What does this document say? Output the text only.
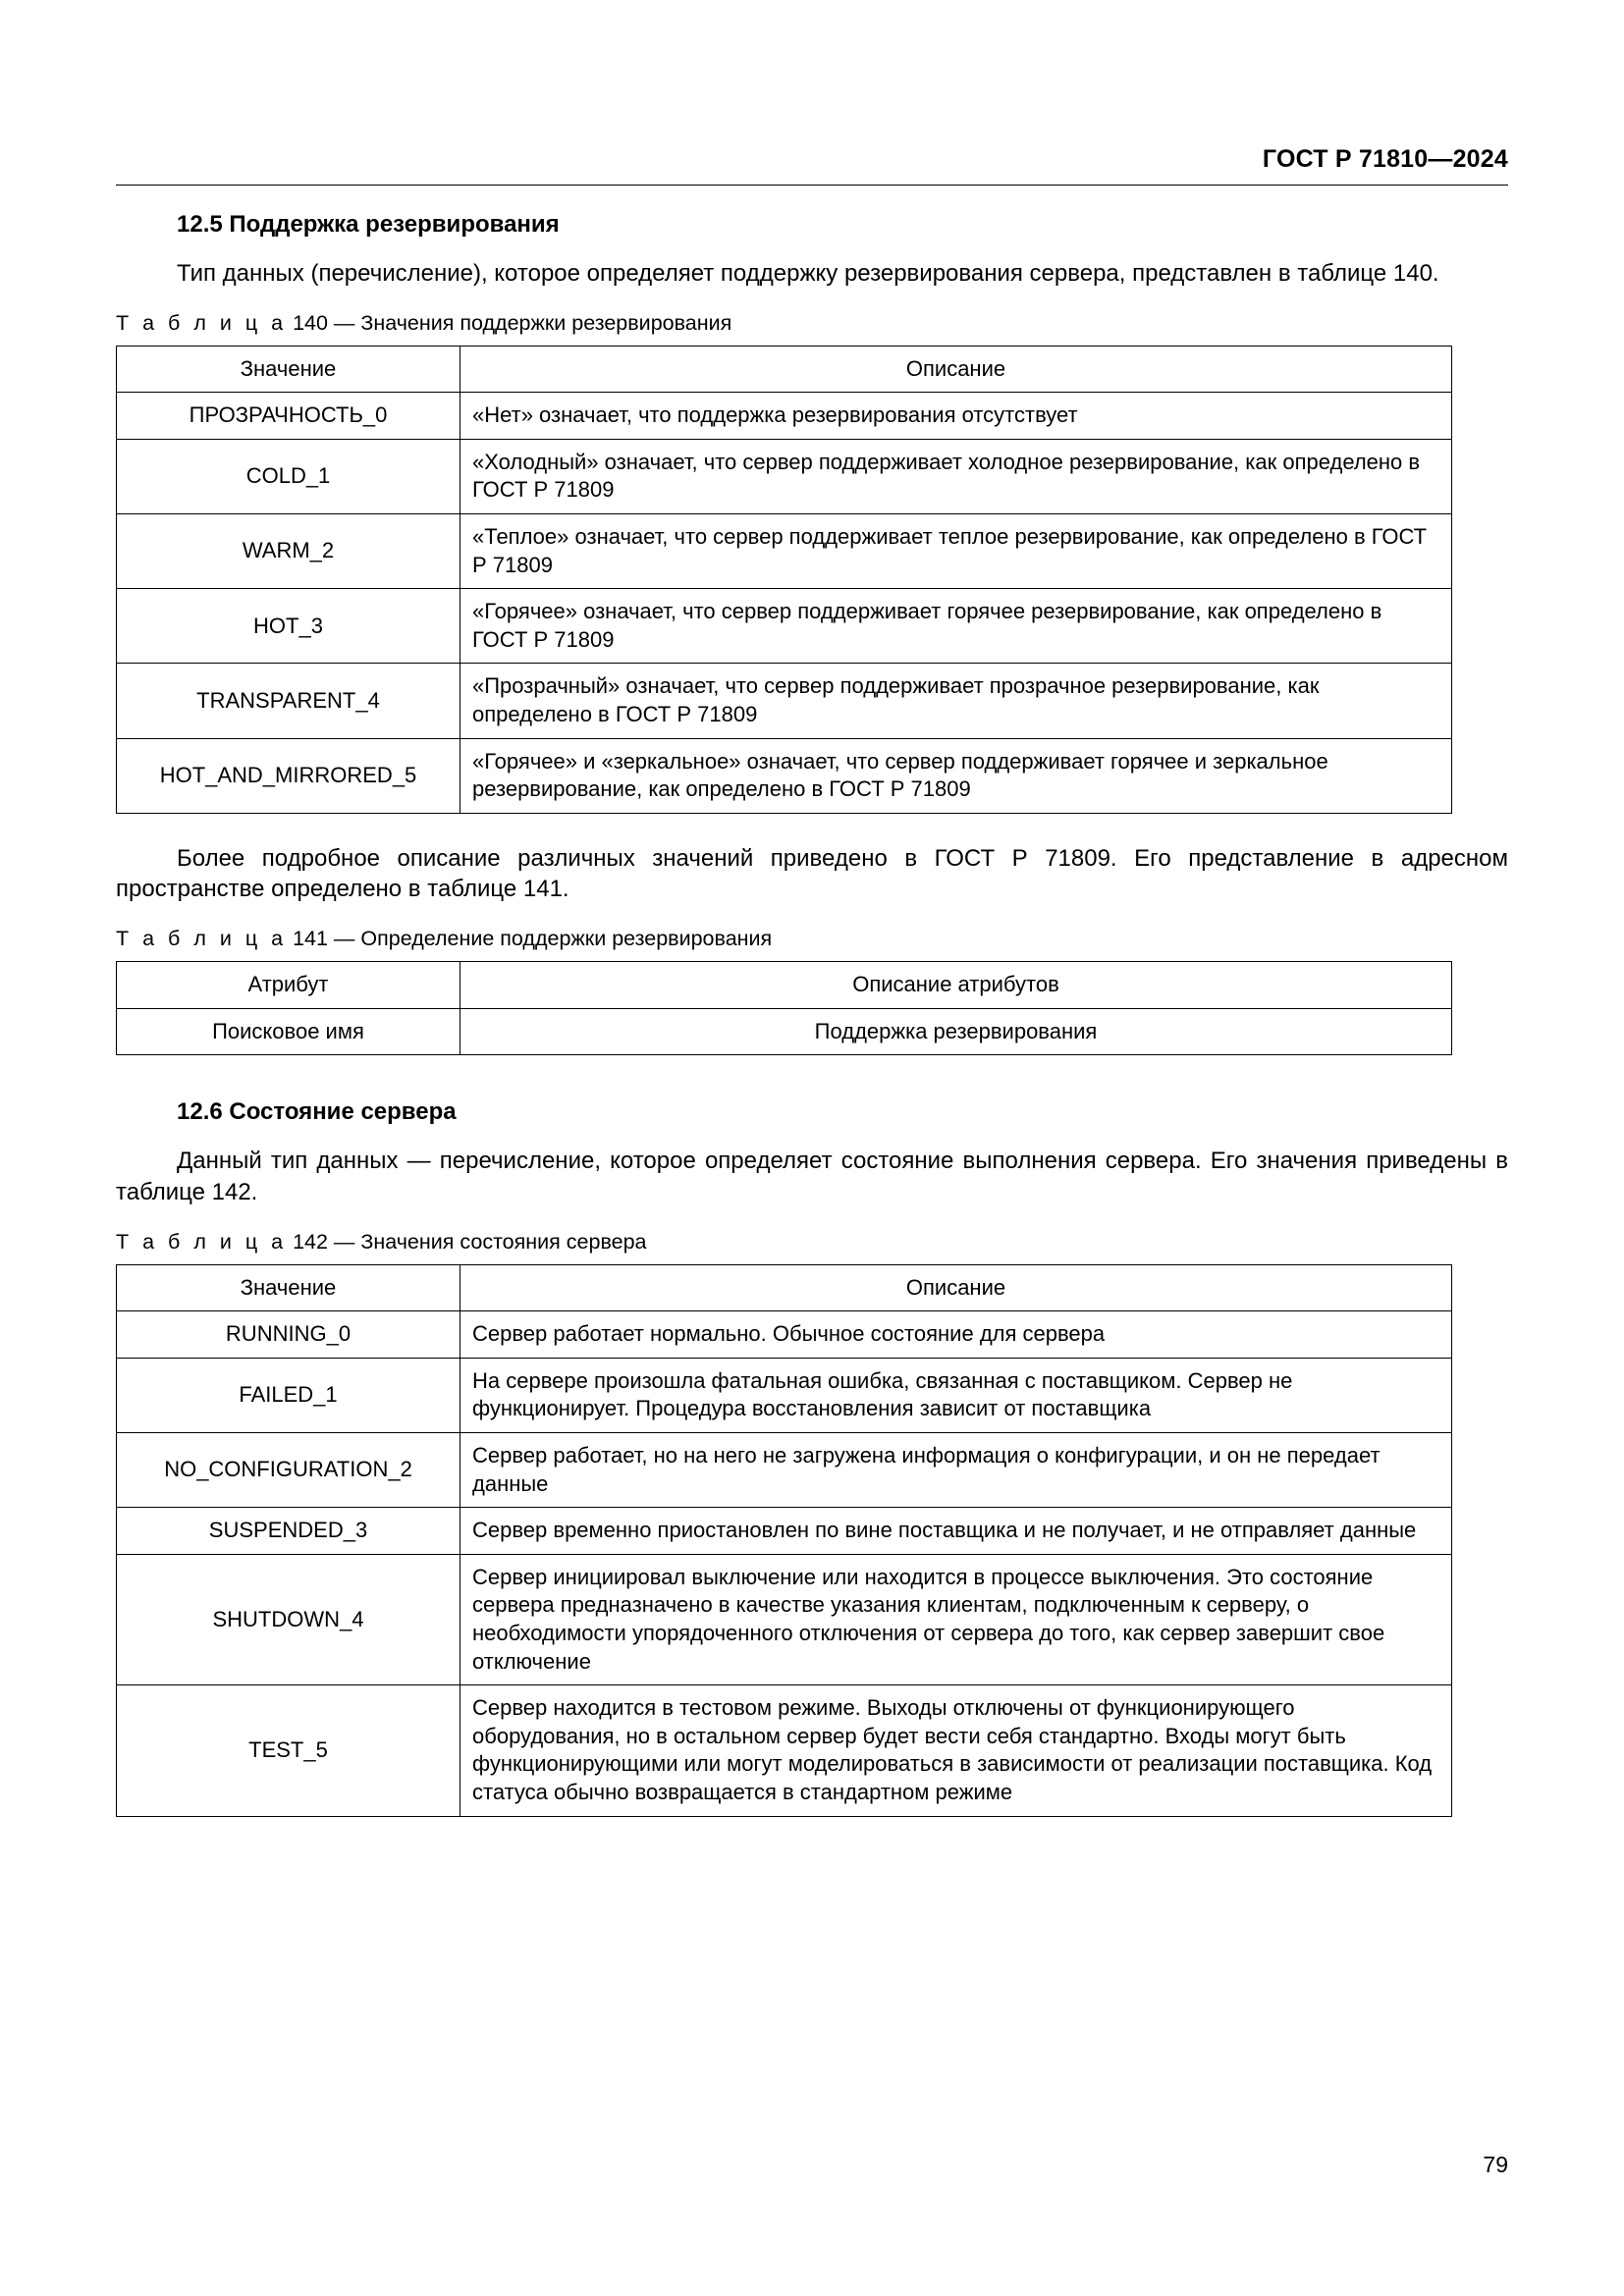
ГОСТ Р 71810—2024
12.5 Поддержка резервирования

Тип данных (перечисление), которое определяет поддержку резервирования сервера, представлен в таблице 140.

Т а б л и ц а 140 — Значения поддержки резервирования
Значение	Описание
ПРОЗРАЧНОСТЬ_0	«Нет» означает, что поддержка резервирования отсутствует
COLD_1	«Холодный» означает, что сервер поддерживает холодное резервирование, как определено в ГОСТ Р 71809
WARM_2	«Теплое» означает, что сервер поддерживает теплое резервирование, как определено в ГОСТ Р 71809
HOT_3	«Горячее» означает, что сервер поддерживает горячее резервирование, как определено в ГОСТ Р 71809
TRANSPARENT_4	«Прозрачный» означает, что сервер поддерживает прозрачное резервирование, как определено в ГОСТ Р 71809
HOT_AND_MIRRORED_5	«Горячее» и «зеркальное» означает, что сервер поддерживает горячее и зеркальное резервирование, как определено в ГОСТ Р 71809

Более подробное описание различных значений приведено в ГОСТ Р 71809. Его представление в адресном пространстве определено в таблице 141.

Т а б л и ц а 141 — Определение поддержки резервирования
Атрибут	Описание атрибутов
Поисковое имя	Поддержка резервирования
12.6 Состояние сервера

Данный тип данных — перечисление, которое определяет состояние выполнения сервера. Его значения приведены в таблице 142.

Т а б л и ц а 142 — Значения состояния сервера
Значение	Описание
RUNNING_0	Сервер работает нормально. Обычное состояние для сервера
FAILED_1	На сервере произошла фатальная ошибка, связанная с поставщиком. Сервер не функционирует. Процедура восстановления зависит от поставщика
NO_CONFIGURATION_2	Сервер работает, но на него не загружена информация о конфигурации, и он не передает данные
SUSPENDED_3	Сервер временно приостановлен по вине поставщика и не получает, и не отправляет данные
SHUTDOWN_4	Сервер инициировал выключение или находится в процессе выключения. Это состояние сервера предназначено в качестве указания клиентам, подключенным к серверу, о необходимости упорядоченного отключения от сервера до того, как сервер завершит свое отключение
TEST_5	Сервер находится в тестовом режиме. Выходы отключены от функционирующего оборудования, но в остальном сервер будет вести себя стандартно. Входы могут быть функционирующими или могут моделироваться в зависимости от реализации поставщика. Код статуса обычно возвращается в стандартном режиме
79
